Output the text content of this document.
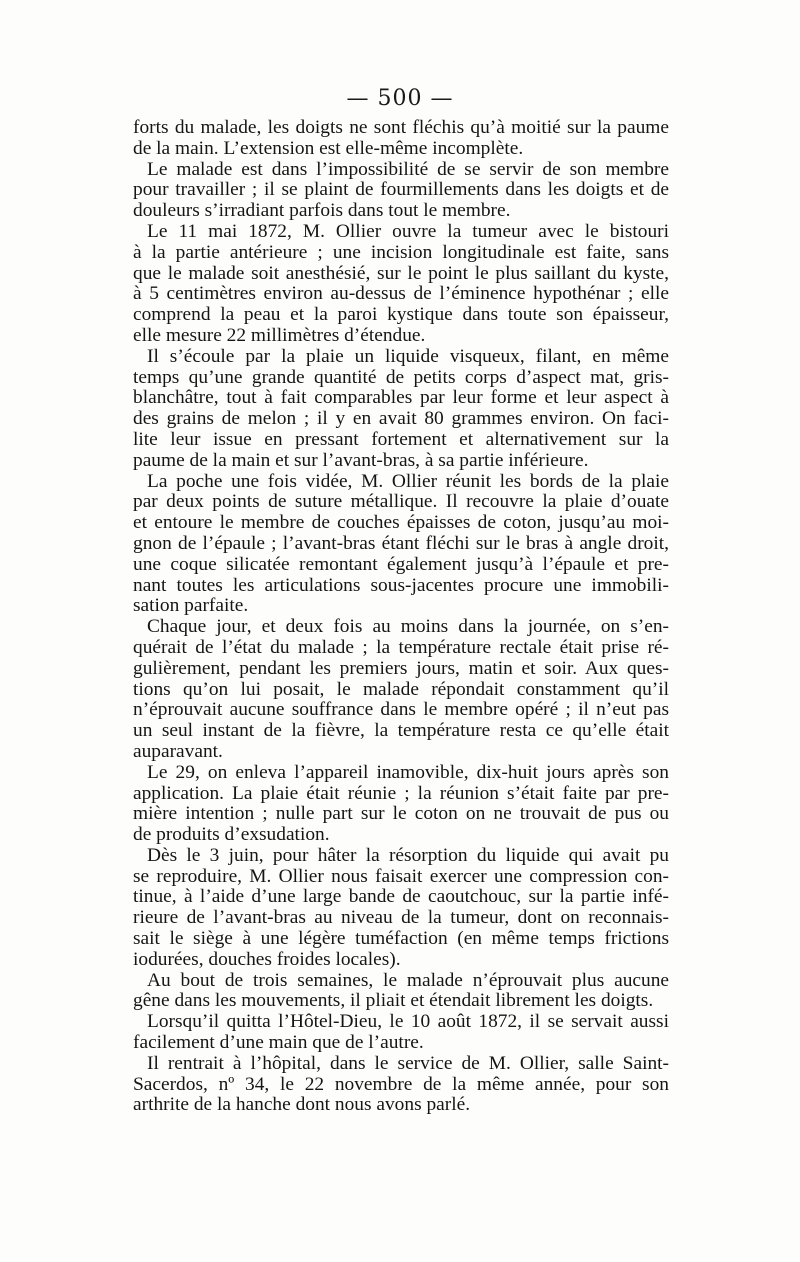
— 500 —
forts du malade, les doigts ne sont fléchis qu’à moitié sur la paume
de la main. L’extension est elle-même incomplète.
Le malade est dans l’impossibilité de se servir de son membre
pour travailler ; il se plaint de fourmillements dans les doigts et de
douleurs s’irradiant parfois dans tout le membre.
Le 11 mai 1872, M. Ollier ouvre la tumeur avec le bistouri
à la partie antérieure ; une incision longitudinale est faite, sans
que le malade soit anesthésié, sur le point le plus saillant du kyste,
à 5 centimètres environ au-dessus de l’éminence hypothénar ; elle
comprend la peau et la paroi kystique dans toute son épaisseur,
elle mesure 22 millimètres d’étendue.
Il s’écoule par la plaie un liquide visqueux, filant, en même
temps qu’une grande quantité de petits corps d’aspect mat, gris-
blanchâtre, tout à fait comparables par leur forme et leur aspect à
des grains de melon ; il y en avait 80 grammes environ. On faci-
lite leur issue en pressant fortement et alternativement sur la
paume de la main et sur l’avant-bras, à sa partie inférieure.
La poche une fois vidée, M. Ollier réunit les bords de la plaie
par deux points de suture métallique. Il recouvre la plaie d’ouate
et entoure le membre de couches épaisses de coton, jusqu’au moi-
gnon de l’épaule ; l’avant-bras étant fléchi sur le bras à angle droit,
une coque silicatée remontant également jusqu’à l’épaule et pre-
nant toutes les articulations sous-jacentes procure une immobili-
sation parfaite.
Chaque jour, et deux fois au moins dans la journée, on s’en-
quérait de l’état du malade ; la température rectale était prise ré-
gulièrement, pendant les premiers jours, matin et soir. Aux ques-
tions qu’on lui posait, le malade répondait constamment qu’il
n’éprouvait aucune souffrance dans le membre opéré ; il n’eut pas
un seul instant de la fièvre, la température resta ce qu’elle était
auparavant.
Le 29, on enleva l’appareil inamovible, dix-huit jours après son
application. La plaie était réunie ; la réunion s’était faite par pre-
mière intention ; nulle part sur le coton on ne trouvait de pus ou
de produits d’exsudation.
Dès le 3 juin, pour hâter la résorption du liquide qui avait pu
se reproduire, M. Ollier nous faisait exercer une compression con-
tinue, à l’aide d’une large bande de caoutchouc, sur la partie infé-
rieure de l’avant-bras au niveau de la tumeur, dont on reconnais-
sait le siège à une légère tuméfaction (en même temps frictions
iodurées, douches froides locales).
Au bout de trois semaines, le malade n’éprouvait plus aucune
gêne dans les mouvements, il pliait et étendait librement les doigts.
Lorsqu’il quitta l’Hôtel-Dieu, le 10 août 1872, il se servait aussi
facilement d’une main que de l’autre.
Il rentrait à l’hôpital, dans le service de M. Ollier, salle Saint-
Sacerdos, nº 34, le 22 novembre de la même année, pour son
arthrite de la hanche dont nous avons parlé.
